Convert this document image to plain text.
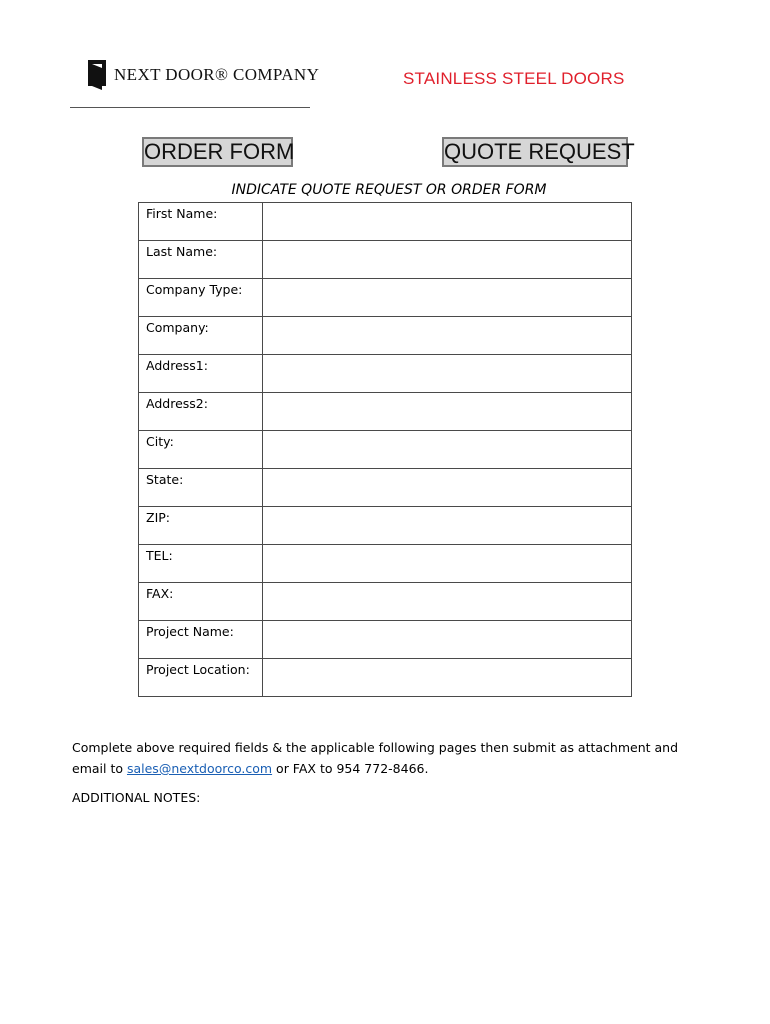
NEXT DOOR® COMPANY	STAINLESS STEEL DOORS
ORDER FORM	QUOTE REQUEST
INDICATE QUOTE REQUEST OR ORDER FORM
First Name:	
Last Name:	
Company Type:	
Company:	
Address1:	
Address2:	
City:	
State:	
ZIP:	
TEL:	
FAX:	
Project Name:	
Project Location:	
Complete above required fields & the applicable following pages then submit as attachment and email to sales@nextdoorco.com or FAX to 954 772-8466.
ADDITIONAL NOTES:
